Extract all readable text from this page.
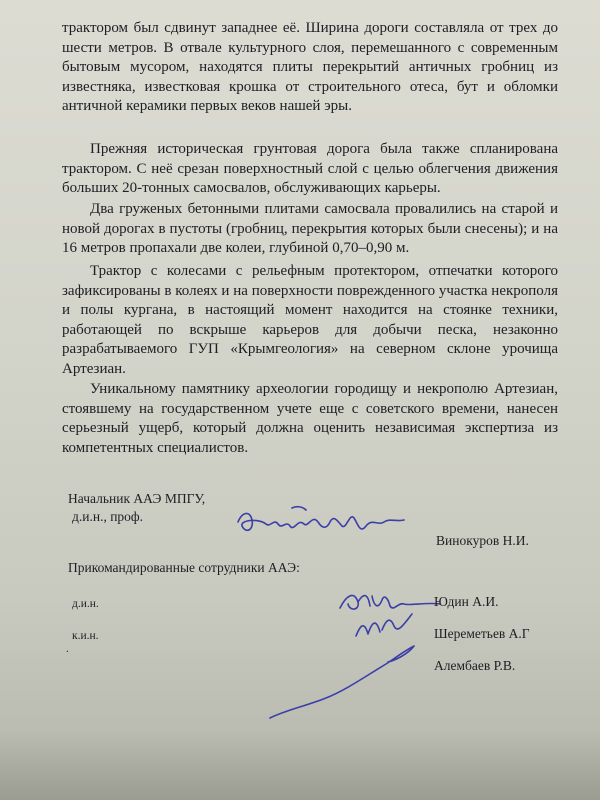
трактором был сдвинут западнее её. Ширина дороги составляла от трех до шести метров. В отвале культурного слоя, перемешанного с современным бытовым мусором, находятся плиты перекрытий античных гробниц из известняка, известковая крошка от строительного отеса, бут и обломки античной керамики первых веков нашей эры.

Прежняя историческая грунтовая дорога была также спланирована трактором. С неё срезан поверхностный слой с целью облегчения движения больших 20-тонных самосвалов, обслуживающих карьеры.

Два груженых бетонными плитами самосвала провалились на старой и новой дорогах в пустоты (гробниц, перекрытия которых были снесены); и на 16 метров пропахали две колеи, глубиной 0,70–0,90 м.

Трактор с колесами с рельефным протектором, отпечатки которого зафиксированы в колеях и на поверхности поврежденного участка некрополя и полы кургана, в настоящий момент находится на стоянке техники, работающей по вскрыше карьеров для добычи песка, незаконно разрабатываемого ГУП «Крымгеология» на северном склоне урочища Артезиан.

Уникальному памятнику археологии городищу и некрополю Артезиан, стоявшему на государственном учете еще с советского времени, нанесен серьезный ущерб, который должна оценить независимая экспертиза из компетентных специалистов.

Начальник ААЭ МПГУ,
д.и.н., проф.
Винокуров Н.И.
Прикомандированные сотрудники ААЭ:
д.и.н.	Юдин А.И.
к.и.н.	Шереметьев А.Г
.
Алембаев Р.В.
